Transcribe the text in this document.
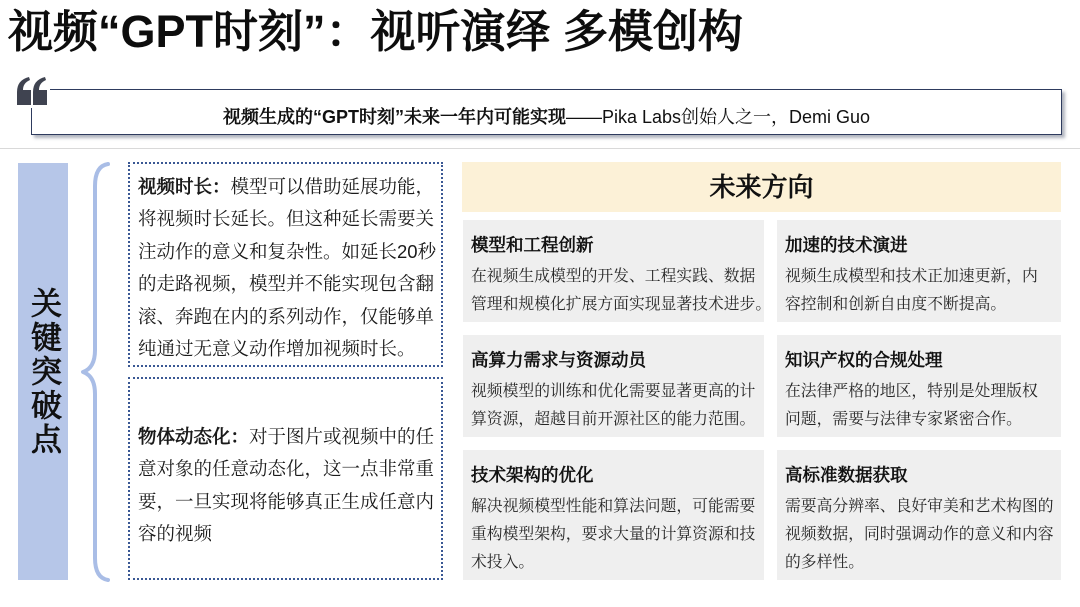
视频“GPT时刻”：视听演绎 多模创构
视频生成的“GPT时刻”未来一年内可能实现 ——Pika Labs创始人之一，Demi Guo
关键突破点
视频时长：模型可以借助延展功能，
将视频时长延长。但这种延长需要关
注动作的意义和复杂性。如延长20秒
的走路视频，模型并不能实现包含翻
滚、奔跑在内的系列动作，仅能够单
纯通过无意义动作增加视频时长。
物体动态化：对于图片或视频中的任
意对象的任意动态化，这一点非常重
要，一旦实现将能够真正生成任意内
容的视频
未来方向
模型和工程创新
在视频生成模型的开发、工程实践、数据
管理和规模化扩展方面实现显著技术进步。
加速的技术演进
视频生成模型和技术正加速更新，内
容控制和创新自由度不断提高。
高算力需求与资源动员
视频模型的训练和优化需要显著更高的计
算资源，超越目前开源社区的能力范围。
知识产权的合规处理
在法律严格的地区，特别是处理版权
问题，需要与法律专家紧密合作。
技术架构的优化
解决视频模型性能和算法问题，可能需要
重构模型架构，要求大量的计算资源和技
术投入。
高标准数据获取
需要高分辨率、良好审美和艺术构图的
视频数据，同时强调动作的意义和内容
的多样性。
